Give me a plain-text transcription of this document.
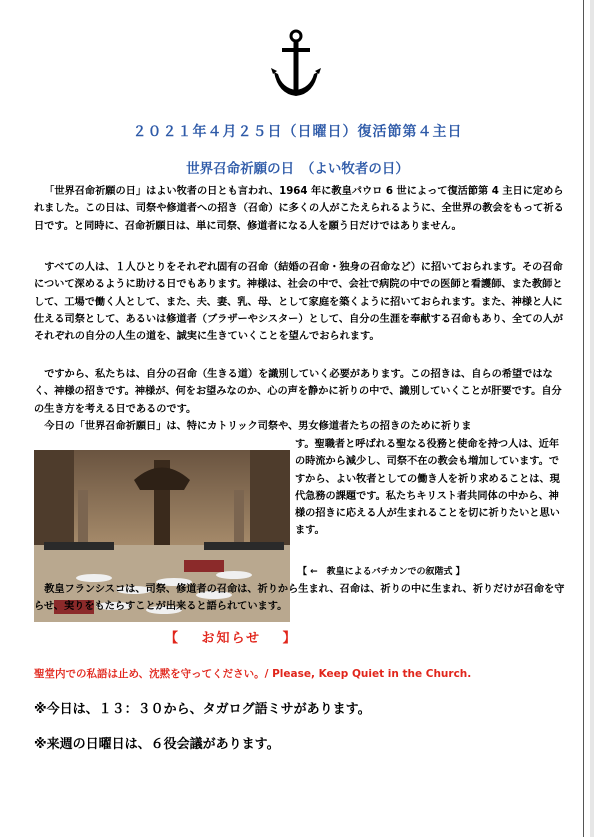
２０２１年４月２５日（日曜日）復活節第４主日
世界召命祈願の日　（よい牧者の日）

「世界召命祈願の日」はよい牧者の日とも言われ、1964 年に教皇パウロ 6 世によって復活節第 4 主日に定められました。この日は、司祭や修道者への招き（召命）に多くの人がこたえられるように、全世界の教会をもって祈る日です。と同時に、召命祈願日は、単に司祭、修道者になる人を願う日だけではありません。

すべての人は、１人ひとりをそれぞれ固有の召命（結婚の召命・独身の召命など）に招いておられます。その召命について深めるように助ける日でもあります。神様は、社会の中で、会社で病院の中での医師と看護師、また教師として、工場で働く人として、また、夫、妻、乳、母、として家庭を築くように招いておられます。また、神様と人に仕える司祭として、あるいは修道者（ブラザーやシスター）として、自分の生涯を奉献する召命もあり、全ての人がそれぞれの自分の人生の道を、誠実に生きていくことを望んでおられます。

ですから、私たちは、自分の召命（生きる道）を識別していく必要があります。この招きは、自らの希望ではなく、神様の招きです。神様が、何をお望みなのか、心の声を静かに祈りの中で、識別していくことが肝要です。自分の生き方を考える日であるのです。

今日の「世界召命祈願日」は、特にカトリック司祭や、男女修道者たちの招きのために祈りま

す。聖職者と呼ばれる聖なる役務と使命を持つ人は、近年の時流から減少し、司祭不在の教会も増加しています。ですから、よい牧者としての働き人を祈り求めることは、現代急務の課題です。私たちキリスト者共同体の中から、神様の招きに応える人が生まれることを切に祈りたいと思います。

【 ←　教皇によるバチカンでの叙階式 】

教皇フランシスコは、司祭、修道者の召命は、祈りから生まれ、召命は、祈りの中に生まれ、祈りだけが召命を守らせ、実りをもたらすことが出来ると語られています。

【　 お知らせ 　】
聖堂内での私語は止め、沈黙を守ってください。/ Please, Keep Quiet in the Church.
※今日は、１３：３０から、タガログ語ミサがあります。
※来週の日曜日は、６役会議があります。
